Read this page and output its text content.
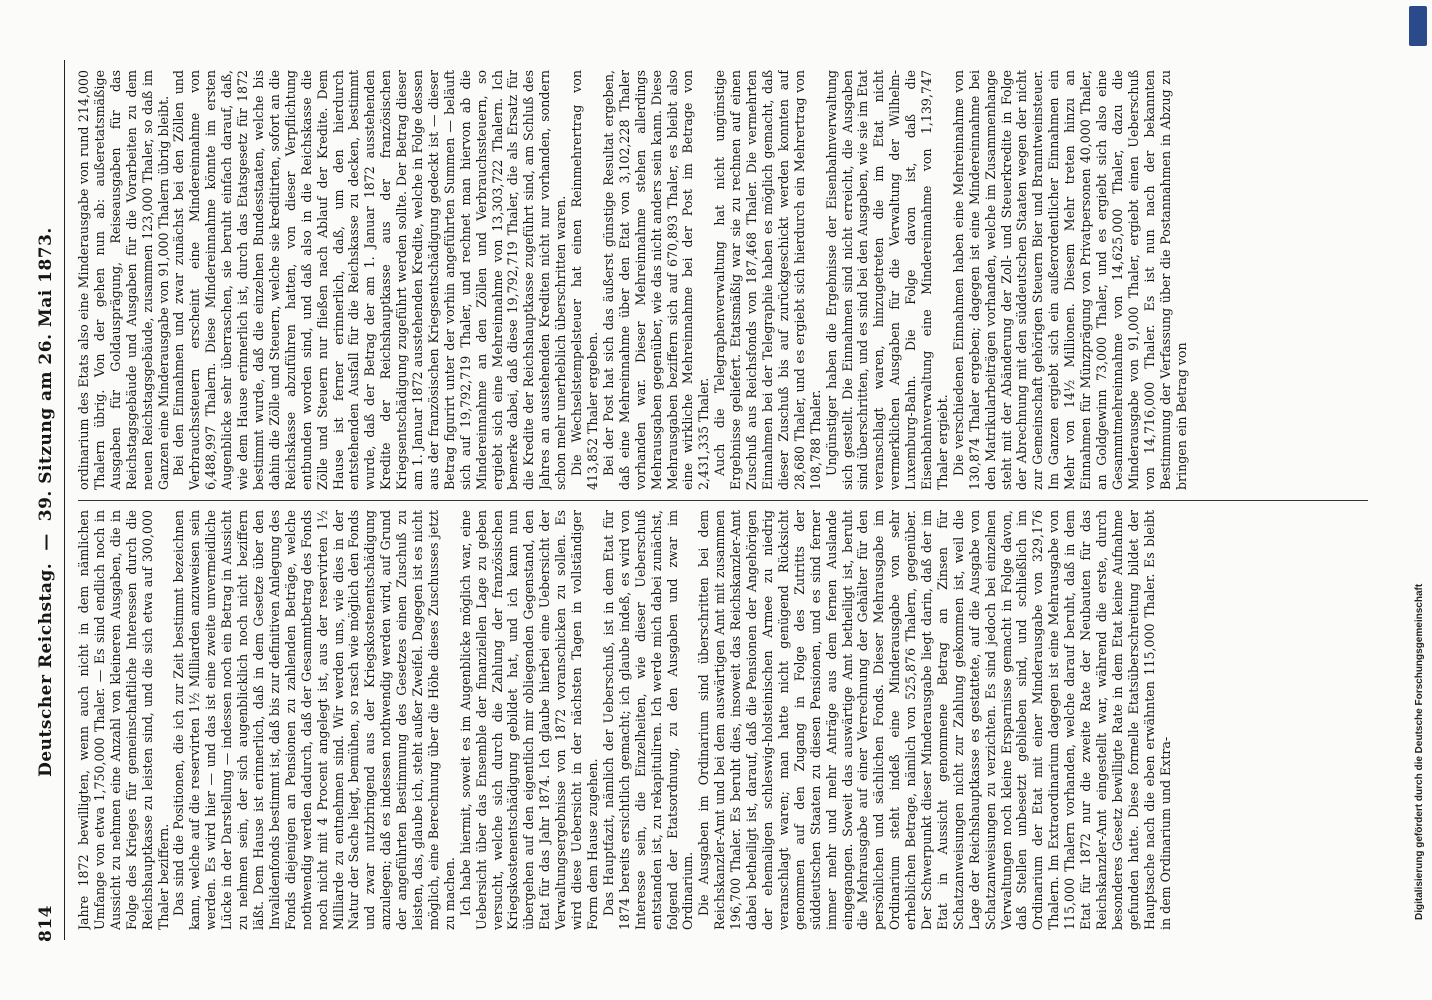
814
Deutscher Reichstag.—39. Sitzung am 26. Mai 1873.

Jahre 1872 bewilligten, wenn auch nicht in dem nämlichen Umfange von etwa 1,750,000 Thaler. — Es sind endlich noch in Aussicht zu nehmen eine Anzahl von kleineren Ausgaben, die in Folge des Krieges für gemeinschaftliche Interessen durch die Reichshauptkasse zu leisten sind, und die sich etwa auf 300,000 Thaler beziffern. Das sind die Positionen, die ich zur Zeit bestimmt bezeichnen kann, welche auf die reservirten 1½ Milliarden anzuweisen sein werden. Es wird hier — und das ist eine zweite unvermeidliche Lücke in der Darstellung — indessen noch ein Betrag in Aussicht zu nehmen sein, der sich augenblicklich noch nicht beziffern läßt. Dem Hause ist erinnerlich, daß in dem Gesetze über den Invalidenfonds bestimmt ist, daß bis zur definitiven Anlegung des Fonds diejenigen an Pensionen zu zahlenden Beträge, welche nothwendig werden dadurch, daß der Gesammtbetrag des Fonds noch nicht mit 4 Procent angelegt ist, aus der reservirten 1½ Milliarde zu entnehmen sind. Wir werden uns, wie dies in der Natur der Sache liegt, bemühen, so rasch wie möglich den Fonds und zwar nutzbringend aus der Kriegskostenentschädigung anzulegen; daß es indessen nothwendig werden wird, auf Grund der angeführten Bestimmung des Gesetzes einen Zuschuß zu leisten, das, glaube ich, steht außer Zweifel. Dagegen ist es nicht möglich, eine Berechnung über die Höhe dieses Zuschusses jetzt zu machen. Ich habe hiermit, soweit es im Augenblicke möglich war, eine Uebersicht über das Ensemble der finanziellen Lage zu geben versucht, welche sich durch die Zahlung der französischen Kriegskostenentschädigung gebildet hat, und ich kann nun übergehen auf den eigentlich mir obliegenden Gegenstand, den Etat für das Jahr 1874. Ich glaube hierbei eine Uebersicht der Verwaltungsergebnisse von 1872 voranschicken zu sollen. Es wird diese Uebersicht in der nächsten Tagen in vollständiger Form dem Hause zugehen. Das Hauptfazit, nämlich der Ueberschuß, ist in dem Etat für 1874 bereits ersichtlich gemacht; ich glaube indeß, es wird von Interesse sein, die Einzelheiten, wie dieser Ueberschuß entstanden ist, zu rekapituliren. Ich werde mich dabei zunächst, folgend der Etatsordnung, zu den Ausgaben und zwar im Ordinarium. Die Ausgaben im Ordinarium sind überschritten bei dem Reichskanzler-Amt und bei dem auswärtigen Amt mit zusammen 196,700 Thaler. Es beruht dies, insoweit das Reichskanzler-Amt dabei betheiligt ist, darauf, daß die Pensionen der Angehörigen der ehemaligen schleswig-holsteinischen Armee zu niedrig veranschlagt waren; man hatte nicht genügend Rücksicht genommen auf den Zugang in Folge des Zutritts der süddeutschen Staaten zu diesen Pensionen, und es sind ferner immer mehr und mehr Anträge aus dem fernen Auslande eingegangen. Soweit das auswärtige Amt betheiligt ist, beruht die Mehrausgabe auf einer Verrechnung der Gehälter für den persönlichen und sächlichen Fonds. Dieser Mehrausgabe im Ordinarium steht indeß eine Minderausgabe von sehr erheblichen Betrage, nämlich von 525,876 Thalern, gegenüber. Der Schwerpunkt dieser Minderausgabe liegt darin, daß der im Etat in Aussicht genommene Betrag an Zinsen für Schatzanweisungen nicht zur Zahlung gekommen ist, weil die Lage der Reichshauptkasse es gestattete, auf die Ausgabe von Schatzanweisungen zu verzichten. Es sind jedoch bei einzelnen Verwaltungen noch kleine Ersparnisse gemacht in Folge davon, daß Stellen unbesetzt geblieben sind, und schließlich im Ordinarium der Etat mit einer Minderausgabe von 329,176 Thalern. Im Extraordinarium dagegen ist eine Mehrausgabe von 115,000 Thalern vorhanden, welche darauf beruht, daß in dem Etat für 1872 nur die zweite Rate der Neubauten für das Reichskanzler-Amt eingestellt war, während die erste, durch besonderes Gesetz bewilligte Rate in dem Etat keine Aufnahme gefunden hatte. Diese formelle Etatsüberschreitung bildet der Hauptsache nach die eben erwähnten 115,000 Thaler. Es bleibt in dem Ordinarium und Extra-

ordinarium des Etats also eine Minderausgabe von rund 214,000 Thalern übrig. Von der gehen nun ab: außeretatsmäßige Ausgaben für Goldausprägung, Reiseausgaben für das Reichstagsgebäude und Ausgaben für die Vorarbeiten zu dem neuen Reichstagsgebäude, zusammen 123,000 Thaler, so daß im Ganzen eine Minderausgabe von 91,000 Thalern übrig bleibt. Bei den Einnahmen und zwar zunächst bei den Zöllen und Verbrauchssteuern erscheint eine Mindereinnahme von 6,488,997 Thalern. Diese Mindereinnahme könnte im ersten Augenblicke sehr überraschen, sie beruht einfach darauf, daß, wie dem Hause erinnerlich ist, durch das Etatsgesetz für 1872 bestimmt wurde, daß die einzelnen Bundesstaaten, welche bis dahin die Zölle und Steuern, welche sie kreditirten, sofort an die Reichskasse abzuführen hatten, von dieser Verpflichtung entbunden worden sind, und daß also in die Reichskasse die Zölle und Steuern nur fließen nach Ablauf der Kredite. Dem Hause ist ferner erinnerlich, daß, um den hierdurch entstehenden Ausfall für die Reichskasse zu decken, bestimmt wurde, daß der Betrag der am 1. Januar 1872 ausstehenden Kredite der Reichshauptkasse aus der französischen Kriegsentschädigung zugeführt werden sollte. Der Betrag dieser am 1. Januar 1872 ausstehenden Kredite, welche in Folge dessen aus der französischen Kriegsentschädigung gedeckt ist — dieser Betrag figurirt unter der vorhin angeführten Summen — beläuft sich auf 19,792,719 Thaler, und rechnet man hiervon ab die Mindereinnahme an den Zöllen und Verbrauchssteuern, so ergiebt sich eine Mehreinnahme von 13,303,722 Thalern. Ich bemerke dabei, daß diese 19,792,719 Thaler, die als Ersatz für die Kredite der Reichshauptkasse zugeführt sind, am Schluß des Jahres an ausstehenden Krediten nicht nur vorhanden, sondern schon mehr unerheblich überschritten waren. Die Wechselstempelsteuer hat einen Reinmehrertrag von 413,852 Thaler ergeben. Bei der Post hat sich das äußerst günstige Resultat ergeben, daß eine Mehreinnahme über den Etat von 3,102,228 Thaler vorhanden war. Dieser Mehreinnahme stehen allerdings Mehrausgaben gegenüber, wie das nicht anders sein kann. Diese Mehrausgaben beziffern sich auf 670,893 Thaler, es bleibt also eine wirkliche Mehreinnahme bei der Post im Betrage von 2,431,335 Thaler. Auch die Telegraphenverwaltung hat nicht ungünstige Ergebnisse geliefert. Etatsmäßig war sie zu rechnen auf einen Zuschuß aus Reichsfonds von 187,468 Thaler. Die vermehrten Einnahmen bei der Telegraphie haben es möglich gemacht, daß dieser Zuschuß bis auf zurückgeschickt werden konnten auf 28,680 Thaler, und es ergiebt sich hierdurch ein Mehrertrag von 108,788 Thaler. Ungünstiger haben die Ergebnisse der Eisenbahnverwaltung sich gestellt. Die Einnahmen sind nicht erreicht, die Ausgaben sind überschritten, und es sind bei den Ausgaben, wie sie im Etat veranschlagt waren, hinzugetreten die im Etat nicht vermerklichen Ausgaben für die Verwaltung der Wilhelm-Luxemburg-Bahn. Die Folge davon ist, daß die Eisenbahnverwaltung eine Mindereinnahme von 1,139,747 Thaler ergiebt. Die verschiedenen Einnahmen haben eine Mehreinnahme von 130,874 Thaler ergeben; dagegen ist eine Mindereinnahme bei den Matrikularbeiträgen vorhanden, welche im Zusammenhange steht mit der Abänderung der Zoll- und Steuerkredite in Folge der Abrechnung mit den süddeutschen Staaten wegen der nicht zur Gemeinschaft gehörigen Steuern Bier und Branntweinsteuer. Im Ganzen ergiebt sich ein außerordentlicher Einnahmen ein Mehr von 14½ Millionen. Diesem Mehr treten hinzu an Einnahmen für Münzprägung von Privatpersonen 40,000 Thaler, an Goldgewinn 73,000 Thaler, und es ergiebt sich also eine Gesammtmehreinnahme von 14,625,000 Thaler, dazu die Minderausgabe von 91,000 Thaler, ergiebt einen Ueberschuß von 14,716,000 Thaler. Es ist nun nach der bekannten Bestimmung der Verfassung über die Postannahmen in Abzug zu bringen ein Betrag von

Digitalisierung gefördert durch die Deutsche Forschungsgemeinschaft
